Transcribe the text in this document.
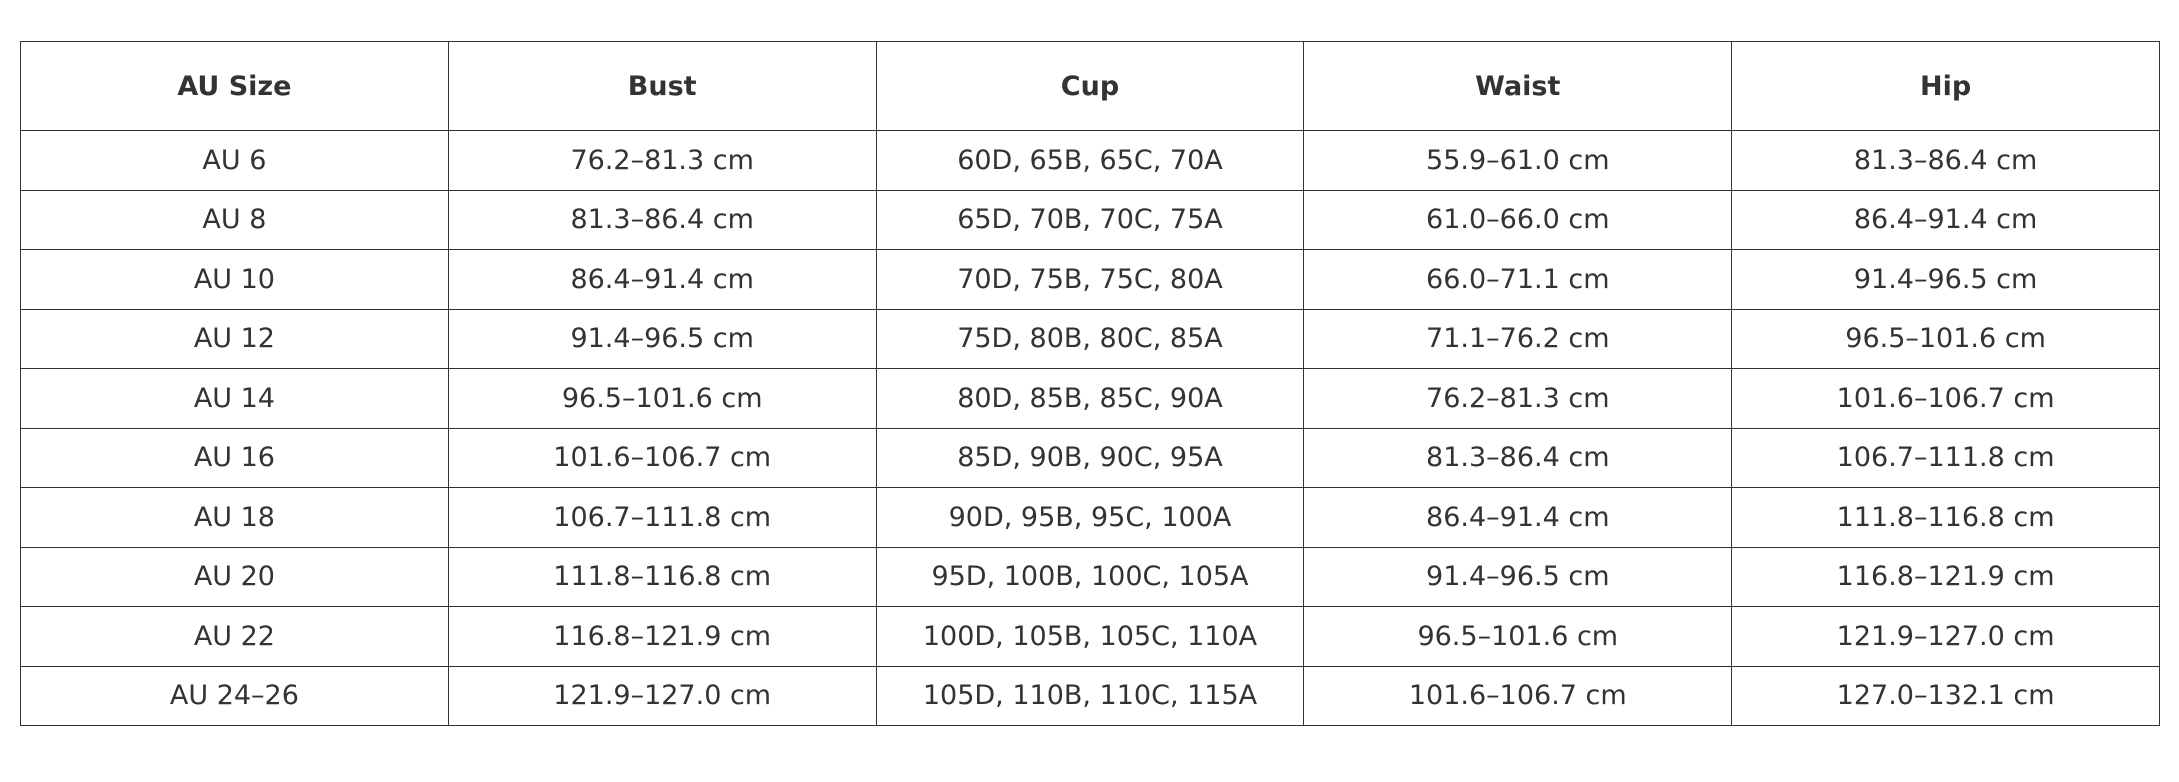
AU Size	Bust	Cup	Waist	Hip
AU 6	76.2–81.3 cm	60D, 65B, 65C, 70A	55.9–61.0 cm	81.3–86.4 cm
AU 8	81.3–86.4 cm	65D, 70B, 70C, 75A	61.0–66.0 cm	86.4–91.4 cm
AU 10	86.4–91.4 cm	70D, 75B, 75C, 80A	66.0–71.1 cm	91.4–96.5 cm
AU 12	91.4–96.5 cm	75D, 80B, 80C, 85A	71.1–76.2 cm	96.5–101.6 cm
AU 14	96.5–101.6 cm	80D, 85B, 85C, 90A	76.2–81.3 cm	101.6–106.7 cm
AU 16	101.6–106.7 cm	85D, 90B, 90C, 95A	81.3–86.4 cm	106.7–111.8 cm
AU 18	106.7–111.8 cm	90D, 95B, 95C, 100A	86.4–91.4 cm	111.8–116.8 cm
AU 20	111.8–116.8 cm	95D, 100B, 100C, 105A	91.4–96.5 cm	116.8–121.9 cm
AU 22	116.8–121.9 cm	100D, 105B, 105C, 110A	96.5–101.6 cm	121.9–127.0 cm
AU 24–26	121.9–127.0 cm	105D, 110B, 110C, 115A	101.6–106.7 cm	127.0–132.1 cm
